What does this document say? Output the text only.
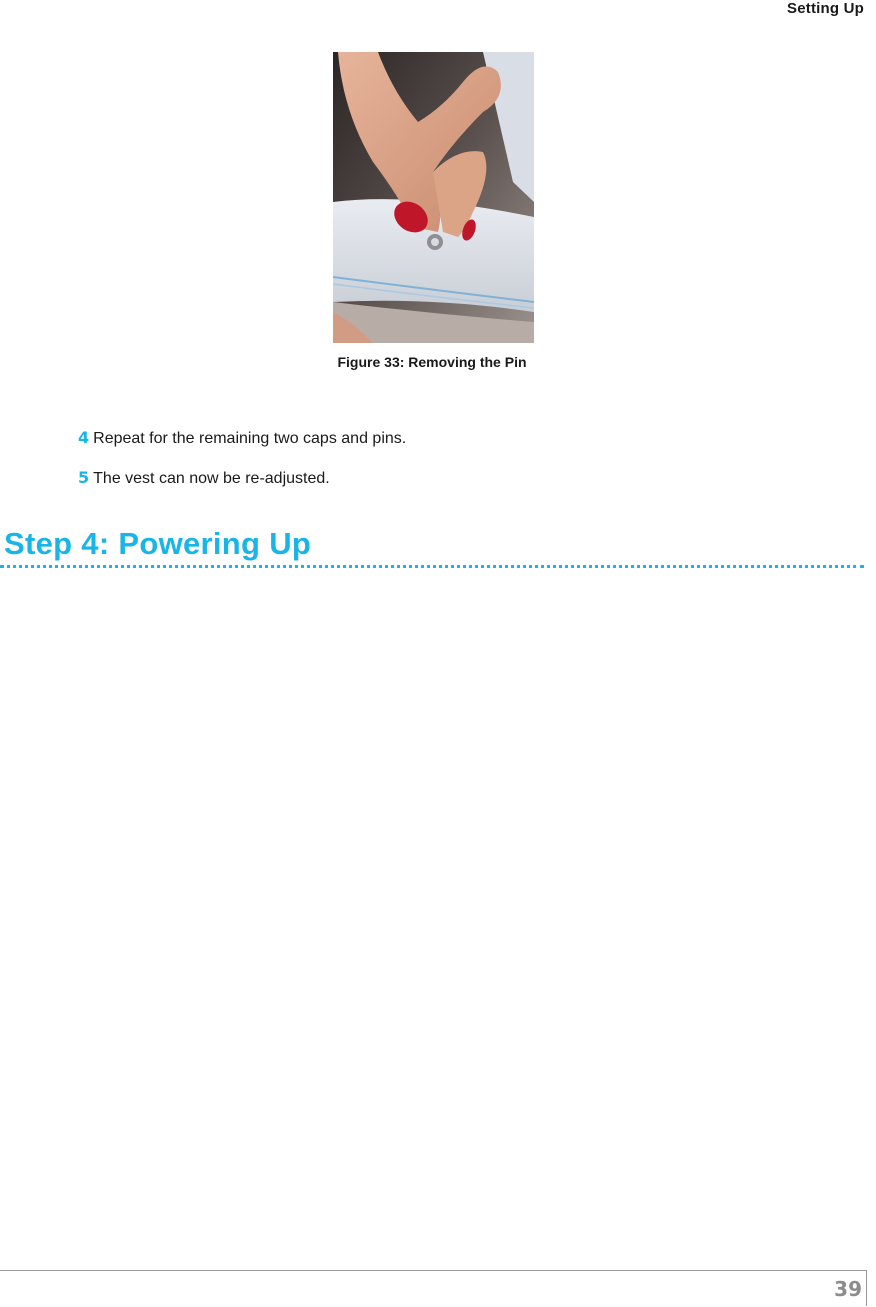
Setting Up
Figure 33: Removing the Pin
4 Repeat for the remaining two caps and pins.
5 The vest can now be re-adjusted.
Step 4: Powering Up
39
